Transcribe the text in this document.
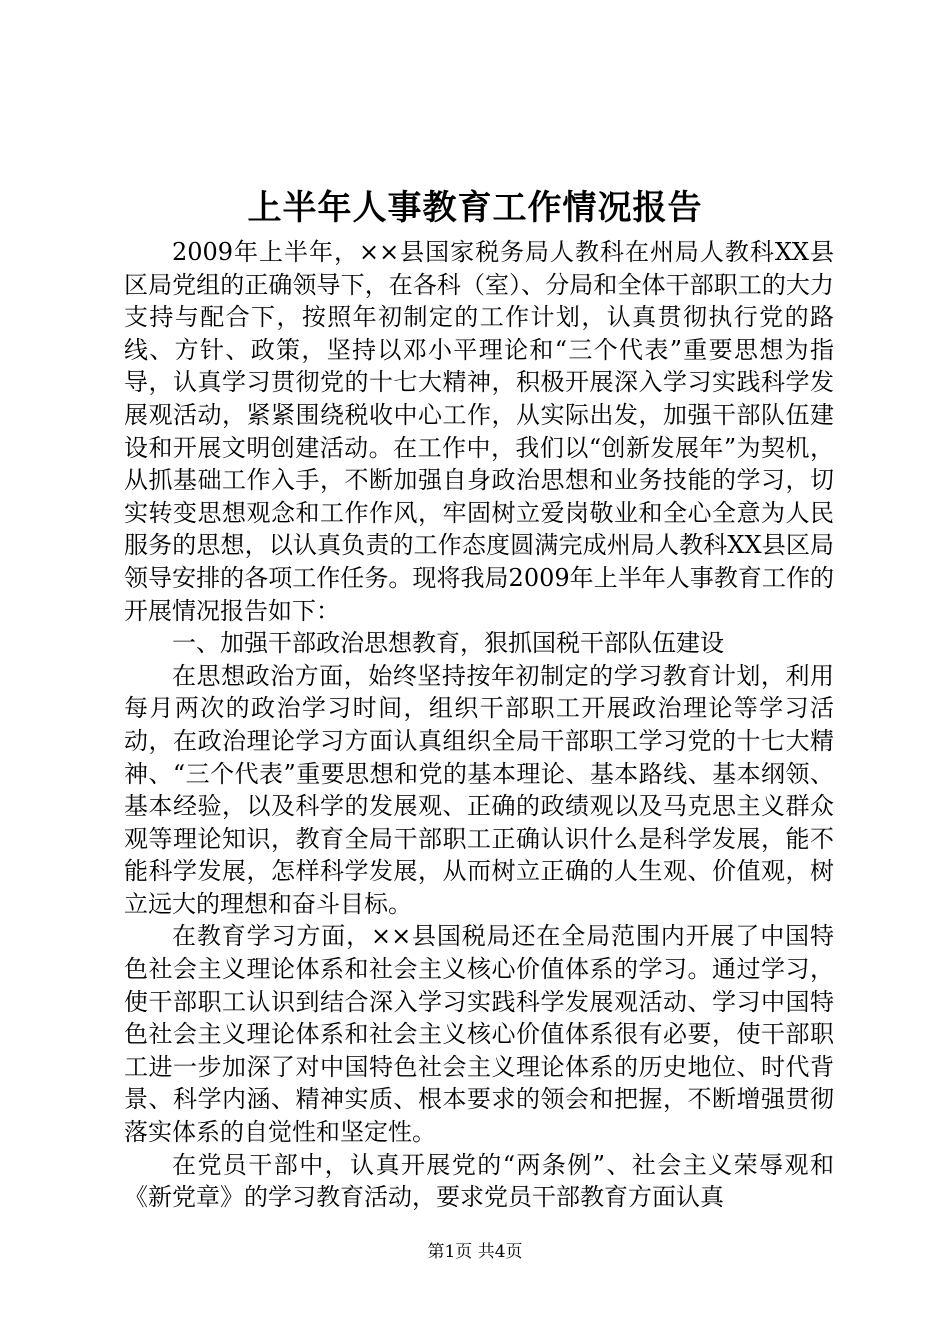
上半年人事教育工作情况报告

2009年上半年，××县国家税务局人教科在州局人教科XX县区局党组的正确领导下，在各科（室）、分局和全体干部职工的大力支持与配合下，按照年初制定的工作计划，认真贯彻执行党的路线、方针、政策，坚持以邓小平理论和“三个代表”重要思想为指导，认真学习贯彻党的十七大精神，积极开展深入学习实践科学发展观活动，紧紧围绕税收中心工作，从实际出发，加强干部队伍建设和开展文明创建活动。在工作中，我们以“创新发展年”为契机，从抓基础工作入手，不断加强自身政治思想和业务技能的学习，切实转变思想观念和工作作风，牢固树立爱岗敬业和全心全意为人民服务的思想，以认真负责的工作态度圆满完成州局人教科XX县区局领导安排的各项工作任务。现将我局2009年上半年人事教育工作的开展情况报告如下：

一、加强干部政治思想教育，狠抓国税干部队伍建设

在思想政治方面，始终坚持按年初制定的学习教育计划，利用每月两次的政治学习时间，组织干部职工开展政治理论等学习活动，在政治理论学习方面认真组织全局干部职工学习党的十七大精神、“三个代表”重要思想和党的基本理论、基本路线、基本纲领、基本经验，以及科学的发展观、正确的政绩观以及马克思主义群众观等理论知识，教育全局干部职工正确认识什么是科学发展，能不能科学发展，怎样科学发展，从而树立正确的人生观、价值观，树立远大的理想和奋斗目标。

在教育学习方面，××县国税局还在全局范围内开展了中国特色社会主义理论体系和社会主义核心价值体系的学习。通过学习，使干部职工认识到结合深入学习实践科学发展观活动、学习中国特色社会主义理论体系和社会主义核心价值体系很有必要，使干部职工进一步加深了对中国特色社会主义理论体系的历史地位、时代背景、科学内涵、精神实质、根本要求的领会和把握，不断增强贯彻落实体系的自觉性和坚定性。

在党员干部中，认真开展党的“两条例”、社会主义荣辱观和《新党章》的学习教育活动，要求党员干部教育方面认真

第1页 共4页
